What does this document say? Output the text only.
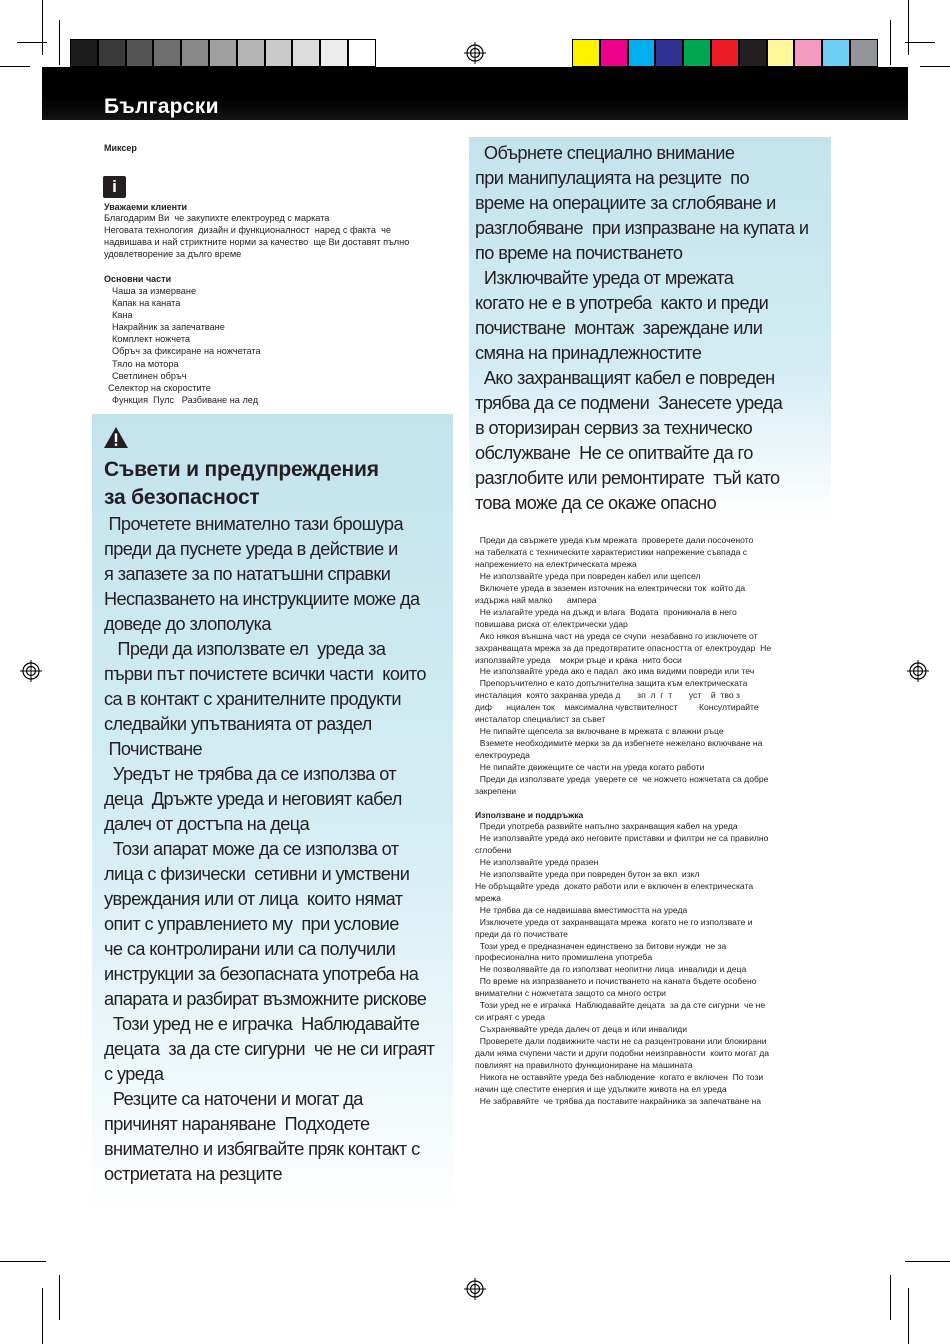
Български
Миксер
i
Уважаеми клиенти
Благодарим Ви  че закупихте електроуред с марката
Неговата технология  дизайн и функционалност  наред с факта  че
надвишава и най стриктните норми за качество  ще Ви доставят пълно
удовлетворение за дълго време
Основни части
Чаша за измерване
Капак на каната
Кана
Накрайник за запечатване
Комплект ножчета
Обръч за фиксиране на ножчетата
Тяло на мотора
Светлинен обръч
Селектор на скоростите
Функция  Пулс   Разбиване на лед
Съвети и предупреждения
за безопасност
Прочетете внимателно тази брошура
преди да пуснете уреда в действие и
я запазете за по нататъшни справки
Неспазването на инструкциите може да
доведе до злополука
Преди да използвате ел  уреда за
първи път почистете всички части  които
са в контакт с хранителните продукти
следвайки упътванията от раздел
Почистване
Уредът не трябва да се използва от
деца  Дръжте уреда и неговият кабел
далеч от достъпа на деца
Този апарат може да се използва от
лица с физически  сетивни и умствени
увреждания или от лица  които нямат
опит с управлението му  при условие
че са контролирани или са получили
инструкции за безопасната употреба на
апарата и разбират възможните рискове
Този уред не е играчка  Наблюдавайте
децата  за да сте сигурни  че не си играят
с уреда
Резците са наточени и могат да
причинят нараняване  Подходете
внимателно и избягвайте пряк контакт с
остриетата на резците
Обърнете специално внимание
при манипулацията на резците  по
време на операциите за сглобяване и
разглобяване  при изпразване на купата и
по време на почистването
Изключвайте уреда от мрежата
когато не е в употреба  както и преди
почистване  монтаж  зареждане или
смяна на принадлежностите
Ако захранващият кабел е повреден
трябва да се подмени  Занесете уреда
в оторизиран сервиз за техническо
обслужване  Не се опитвайте да го
разглобите или ремонтирате  тъй като
това може да се окаже опасно
Преди да свържете уреда към мрежата  проверете дали посоченото
на табелката с техническите характеристики напрежение съвпада с
напрежението на електрическата мрежа
Не използвайте уреда при повреден кабел или щепсел
Включете уреда в заземен източник на електрически ток  който да
издържа най малко      ампера
Не излагайте уреда на дъжд и влага  Водата  проникнала в него
повишава риска от електрически удар
Ако някоя външна част на уреда се счупи  незабавно го изключете от
захранващата мрежа за да предотвратите опасността от електроудар  Не
използвайте уреда    мокри ръце и крака  нито боси
Не използвайте уреда ако е падал  ако има видими повреди или теч
Препоръчително е като допълнителна защита към електрическата
инсталация  която захранва уреда д       зп  л  г  т       уст    й  тво з
диф      нциален ток    максимална чувствителност         Консултирайте
инсталатор специалист за съвет
Не пипайте щепсела за включване в мрежата с влажни ръце
Вземете необходимите мерки за да избегнете нежелано включване на
електроуреда
Не пипайте движещите се части на уреда когато работи
Преди да използвате уреда  уверете се  че ножчето ножчетата са добре
закрепени
Използване и поддръжка
Преди употреба развийте напълно захранващия кабел на уреда
Не използвайте уреда ако неговите приставки и филтри не са правилно
сглобени
Не използвайте уреда празен
Не използвайте уреда при повреден бутон за вкл  изкл
Не обръщайте уреда  докато работи или е включен в електрическата
мрежа
Не трябва да се надвишава вместимостта на уреда
Изключете уреда от захранващата мрежа  когато не го използвате и
преди да го почиствате
Този уред е предназначен единствено за битови нужди  не за
професионална нито промишлена употребa
Не позволявайте да го използват неопитни лица  инвалиди и деца
По време на изпразването и почистването на каната бъдете особено
внимателни с ножчетата защото са много остри
Този уред не е играчка  Наблюдавайте децата  за да сте сигурни  че не
си играят с уреда
Съхранявайте уреда далеч от деца и или инвалиди
Проверете дали подвижните части не са разцентровани или блокирани
дали няма счупени части и други подобни неизправности  които могат да
повлияят на правилното функциониране на машината
Никога не оставяйте уреда без наблюдение  когато е включен  По този
начин ще спестите енергия и ще удължите живота на ел уреда
Не забравяйте  че трябва да поставите накрайника за запечатване на
